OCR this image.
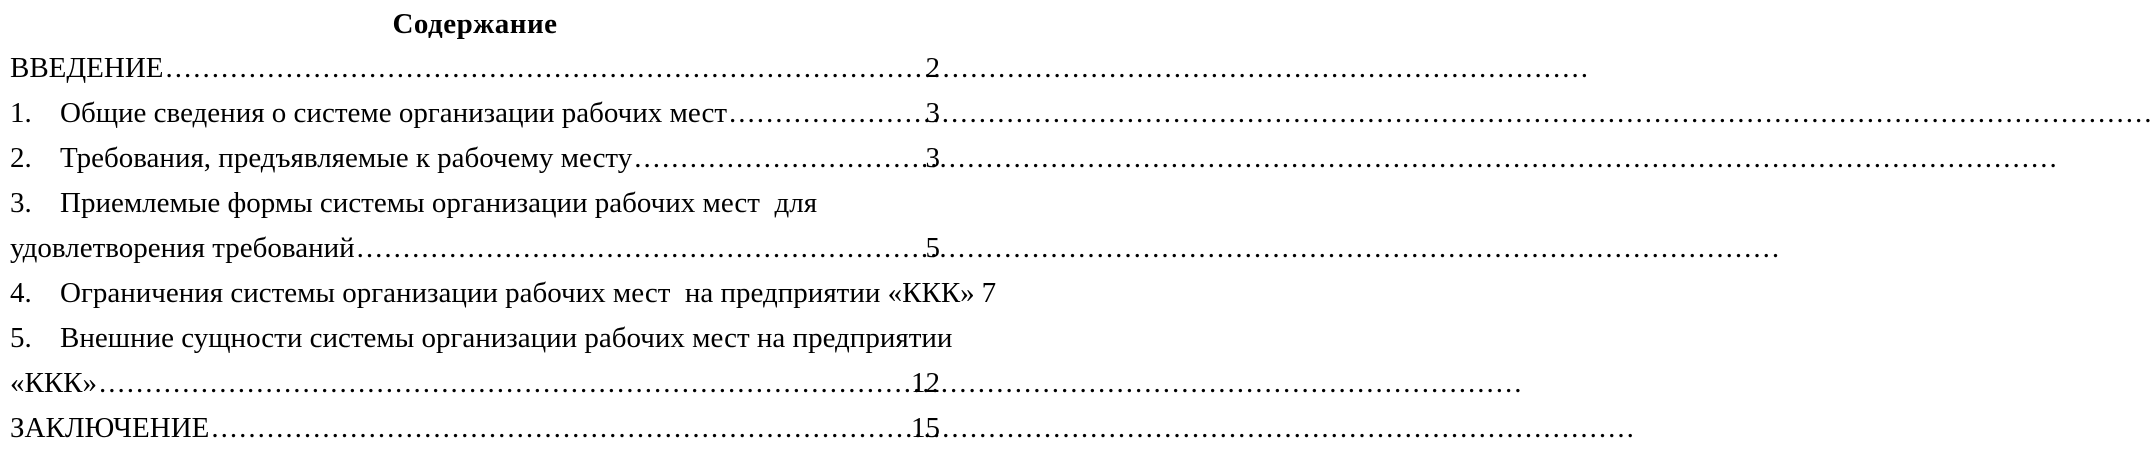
Содержание
ВВЕДЕНИЕ .....	2
1. Общие сведения о системе организации рабочих мест .....	3
2. Требования, предъявляемые к рабочему месту .....	3
3. Приемлемые формы системы организации рабочих мест  для
удовлетворения требований .....	5
4. Ограничения системы организации рабочих мест  на предприятии «ККК» 7
5. Внешние сущности системы организации рабочих мест на предприятии
«ККК» .....	12
ЗАКЛЮЧЕНИЕ .....	15
